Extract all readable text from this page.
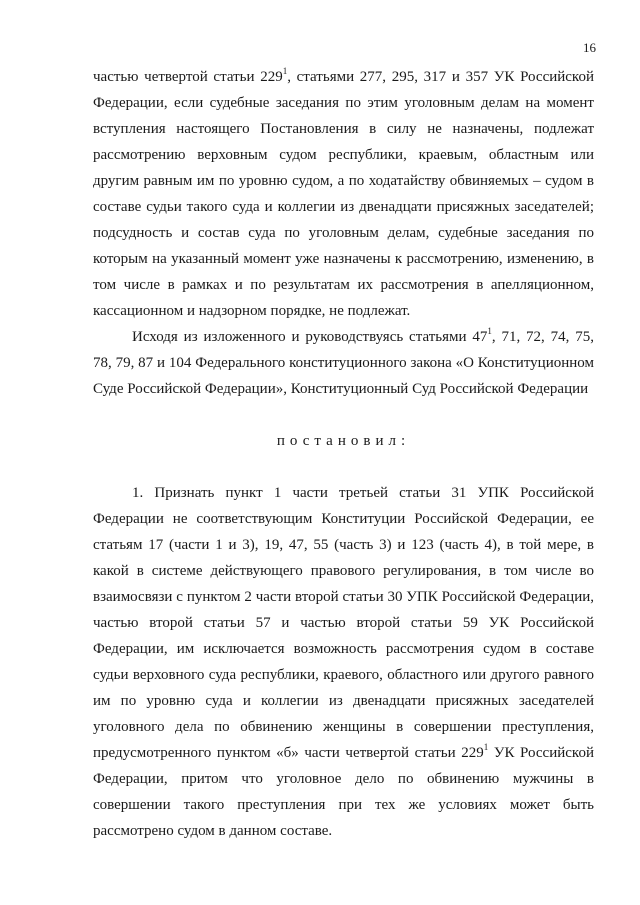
16

частью четвертой статьи $229^1$, статьями 277, 295, 317 и 357 УК Российской Федерации, если судебные заседания по этим уголовным делам на момент вступления настоящего Постановления в силу не назначены, подлежат рассмотрению верховным судом республики, краевым, областным или другим равным им по уровню судом, а по ходатайству обвиняемых – судом в составе судьи такого суда и коллегии из двенадцати присяжных заседателей; подсудность и состав суда по уголовным делам, судебные заседания по которым на указанный момент уже назначены к рассмотрению, изменению, в том числе в рамках и по результатам их рассмотрения в апелляционном, кассационном и надзорном порядке, не подлежат.

Исходя из изложенного и руководствуясь статьями $47^1$, 71, 72, 74, 75, 78, 79, 87 и 104 Федерального конституционного закона «О Конституционном Суде Российской Федерации», Конституционный Суд Российской Федерации

постановил:

1. Признать пункт 1 части третьей статьи 31 УПК Российской Федерации не соответствующим Конституции Российской Федерации, ее статьям 17 (части 1 и 3), 19, 47, 55 (часть 3) и 123 (часть 4), в той мере, в какой в системе действующего правового регулирования, в том числе во взаимосвязи с пунктом 2 части второй статьи 30 УПК Российской Федерации, частью второй статьи 57 и частью второй статьи 59 УК Российской Федерации, им исключается возможность рассмотрения судом в составе судьи верховного суда республики, краевого, областного или другого равного им по уровню суда и коллегии из двенадцати присяжных заседателей уголовного дела по обвинению женщины в совершении преступления, предусмотренного пунктом «б» части четвертой статьи $229^1$ УК Российской Федерации, притом что уголовное дело по обвинению мужчины в совершении такого преступления при тех же условиях может быть рассмотрено судом в данном составе.
